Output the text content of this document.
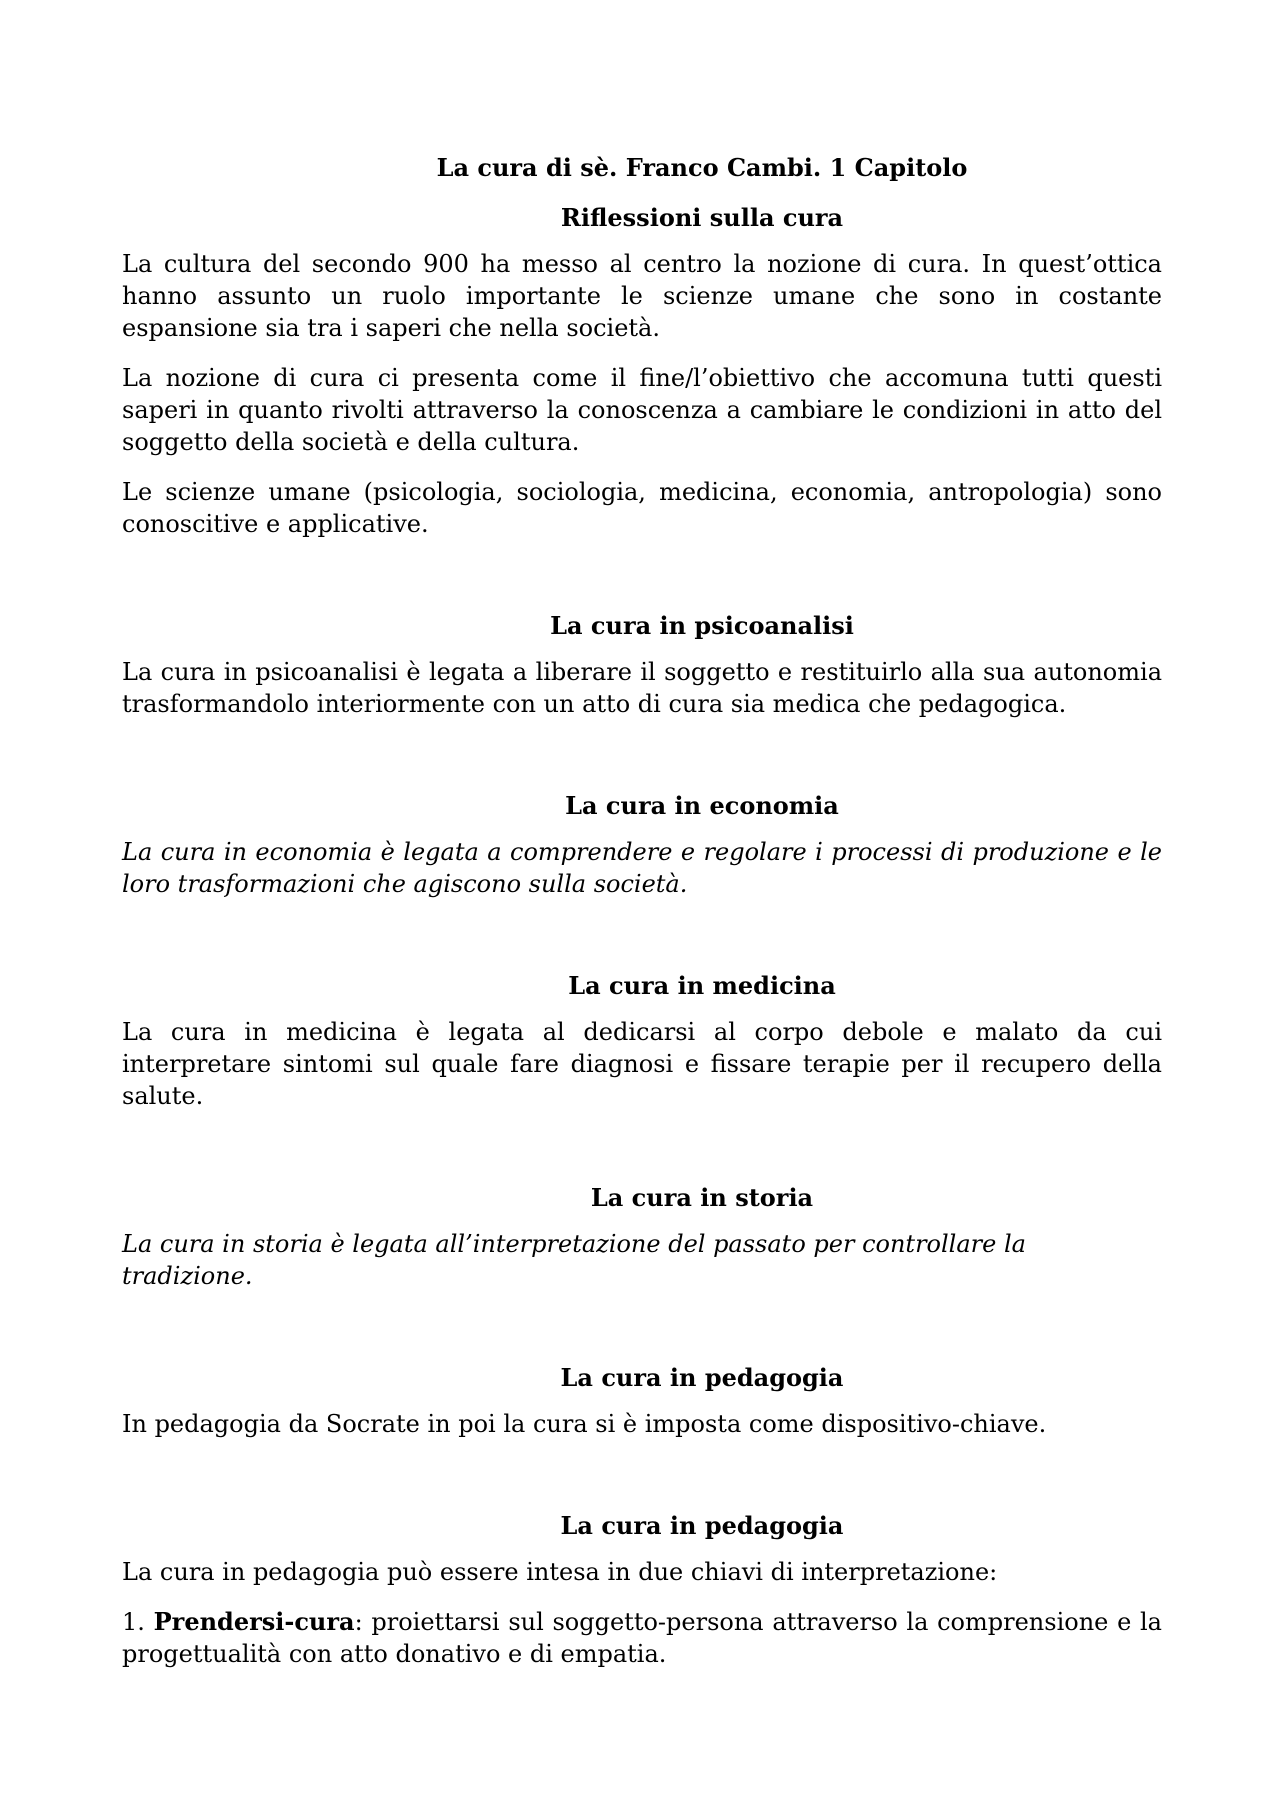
La cura di sè. Franco Cambi. 1 Capitolo
Riflessioni sulla cura

La cultura del secondo 900 ha messo al centro la nozione di cura. In quest’ottica hanno assunto un ruolo importante le scienze umane che sono in costante espansione sia tra i saperi che nella società.

La nozione di cura ci presenta come il fine/l’obiettivo che accomuna tutti questi saperi in quanto rivolti attraverso la conoscenza a cambiare le condizioni in atto del soggetto della società e della cultura.

Le scienze umane (psicologia, sociologia, medicina, economia, antropologia) sono conoscitive e applicative.

La cura in psicoanalisi

La cura in psicoanalisi è legata a liberare il soggetto e restituirlo alla sua autonomia trasformandolo interiormente con un atto di cura sia medica che pedagogica.

La cura in economia

La cura in economia è legata a comprendere e regolare i processi di produzione e le loro trasformazioni che agiscono sulla società.

La cura in medicina

La cura in medicina è legata al dedicarsi al corpo debole e malato da cui interpretare sintomi sul quale fare diagnosi e fissare terapie per il recupero della salute.

La cura in storia

La cura in storia è legata all’interpretazione del passato per controllare la tradizione.

La cura in pedagogia

In pedagogia da Socrate in poi la cura si è imposta come dispositivo-chiave.

La cura in pedagogia

La cura in pedagogia può essere intesa in due chiavi di interpretazione:

1. Prendersi-cura: proiettarsi sul soggetto-persona attraverso la comprensione e la progettualità con atto donativo e di empatia.
